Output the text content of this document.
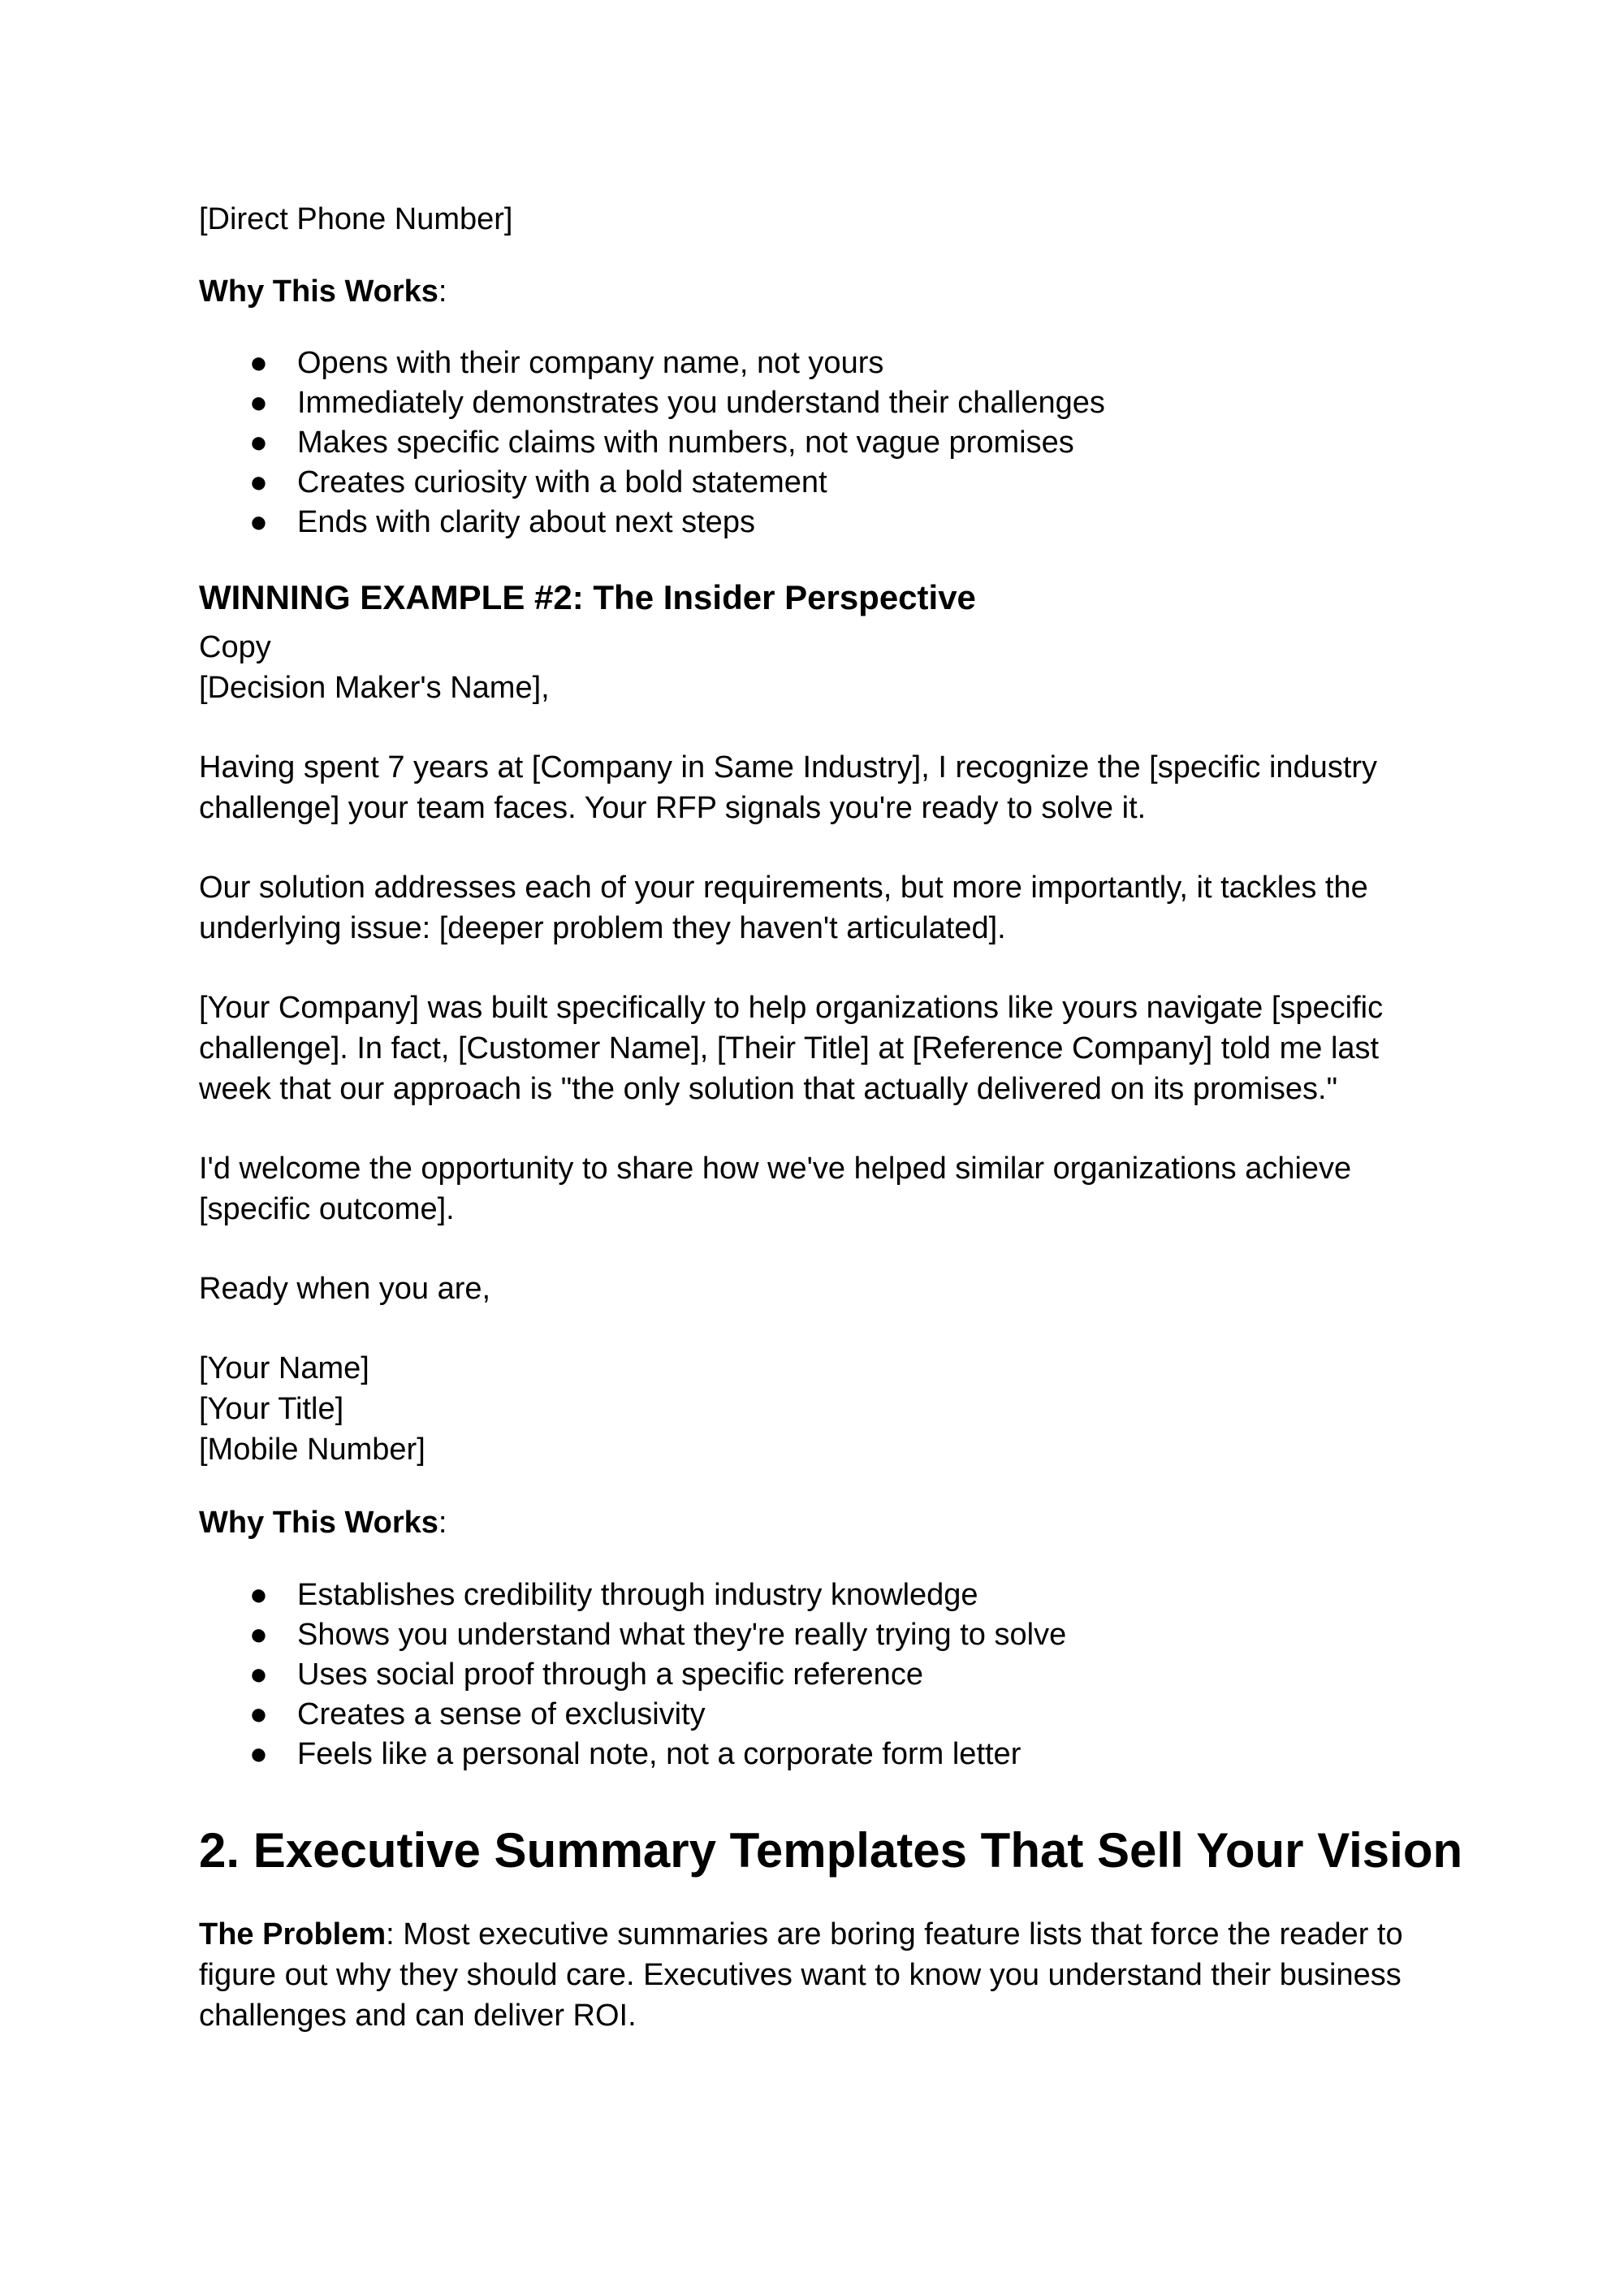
[Direct Phone Number]

Why This Works:

● Opens with their company name, not yours
● Immediately demonstrates you understand their challenges
● Makes specific claims with numbers, not vague promises
● Creates curiosity with a bold statement
● Ends with clarity about next steps
WINNING EXAMPLE #2: The Insider Perspective

Copy

[Decision Maker's Name],

Having spent 7 years at [Company in Same Industry], I recognize the [specific industry challenge] your team faces. Your RFP signals you're ready to solve it.

Our solution addresses each of your requirements, but more importantly, it tackles the underlying issue: [deeper problem they haven't articulated].

[Your Company] was built specifically to help organizations like yours navigate [specific challenge]. In fact, [Customer Name], [Their Title] at [Reference Company] told me last week that our approach is "the only solution that actually delivered on its promises."

I'd welcome the opportunity to share how we've helped similar organizations achieve [specific outcome].

Ready when you are,

[Your Name]

[Your Title]

[Mobile Number]

Why This Works:

● Establishes credibility through industry knowledge
● Shows you understand what they're really trying to solve
● Uses social proof through a specific reference
● Creates a sense of exclusivity
● Feels like a personal note, not a corporate form letter
2. Executive Summary Templates That Sell Your Vision

The Problem: Most executive summaries are boring feature lists that force the reader to figure out why they should care. Executives want to know you understand their business challenges and can deliver ROI.
